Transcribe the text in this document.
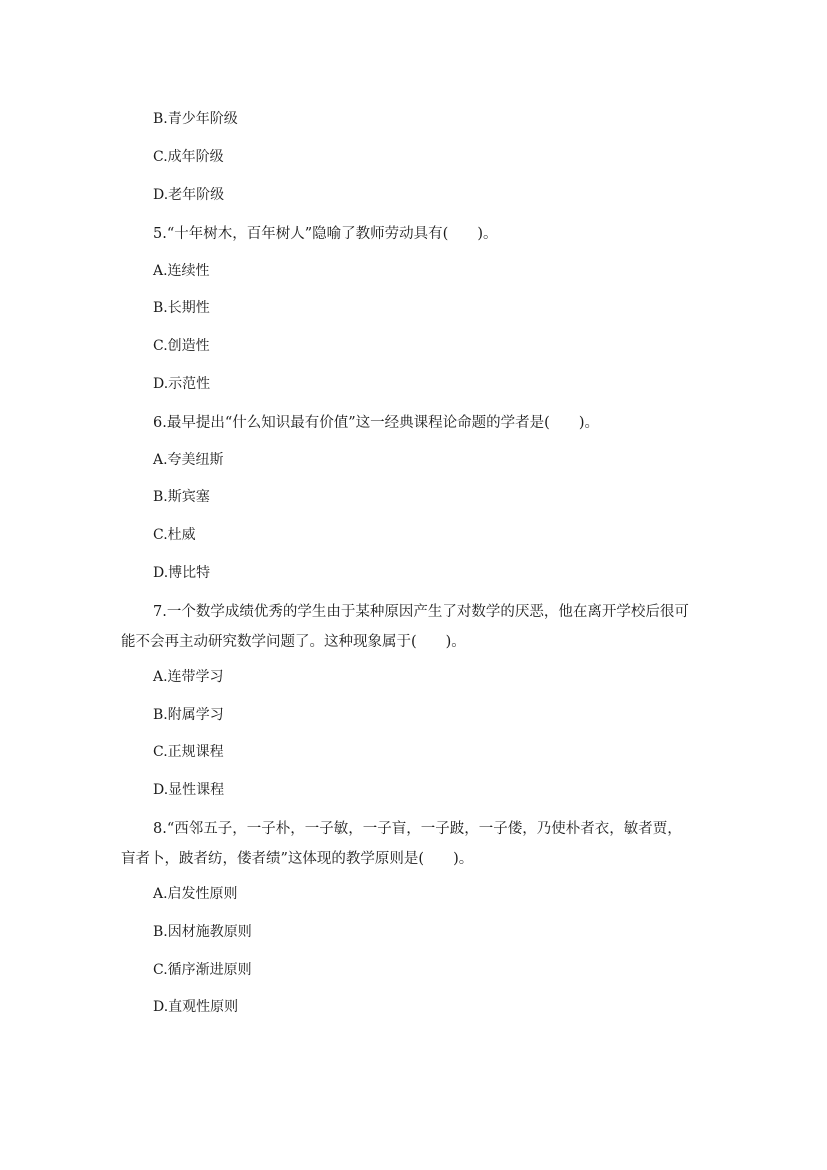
B.青少年阶级
C.成年阶级
D.老年阶级
5.“十年树木，百年树人”隐喻了教师劳动具有(　　)。
A.连续性
B.长期性
C.创造性
D.示范性
6.最早提出“什么知识最有价值”这一经典课程论命题的学者是(　　)。
A.夸美纽斯
B.斯宾塞
C.杜威
D.博比特
7.一个数学成绩优秀的学生由于某种原因产生了对数学的厌恶，他在离开学校后很可
能不会再主动研究数学问题了。这种现象属于(　　)。
A.连带学习
B.附属学习
C.正规课程
D.显性课程
8.“西邻五子，一子朴，一子敏，一子盲，一子跛，一子偻，乃使朴者衣，敏者贾，
盲者卜，跛者纺，偻者绩”这体现的教学原则是(　　)。
A.启发性原则
B.因材施教原则
C.循序渐进原则
D.直观性原则
